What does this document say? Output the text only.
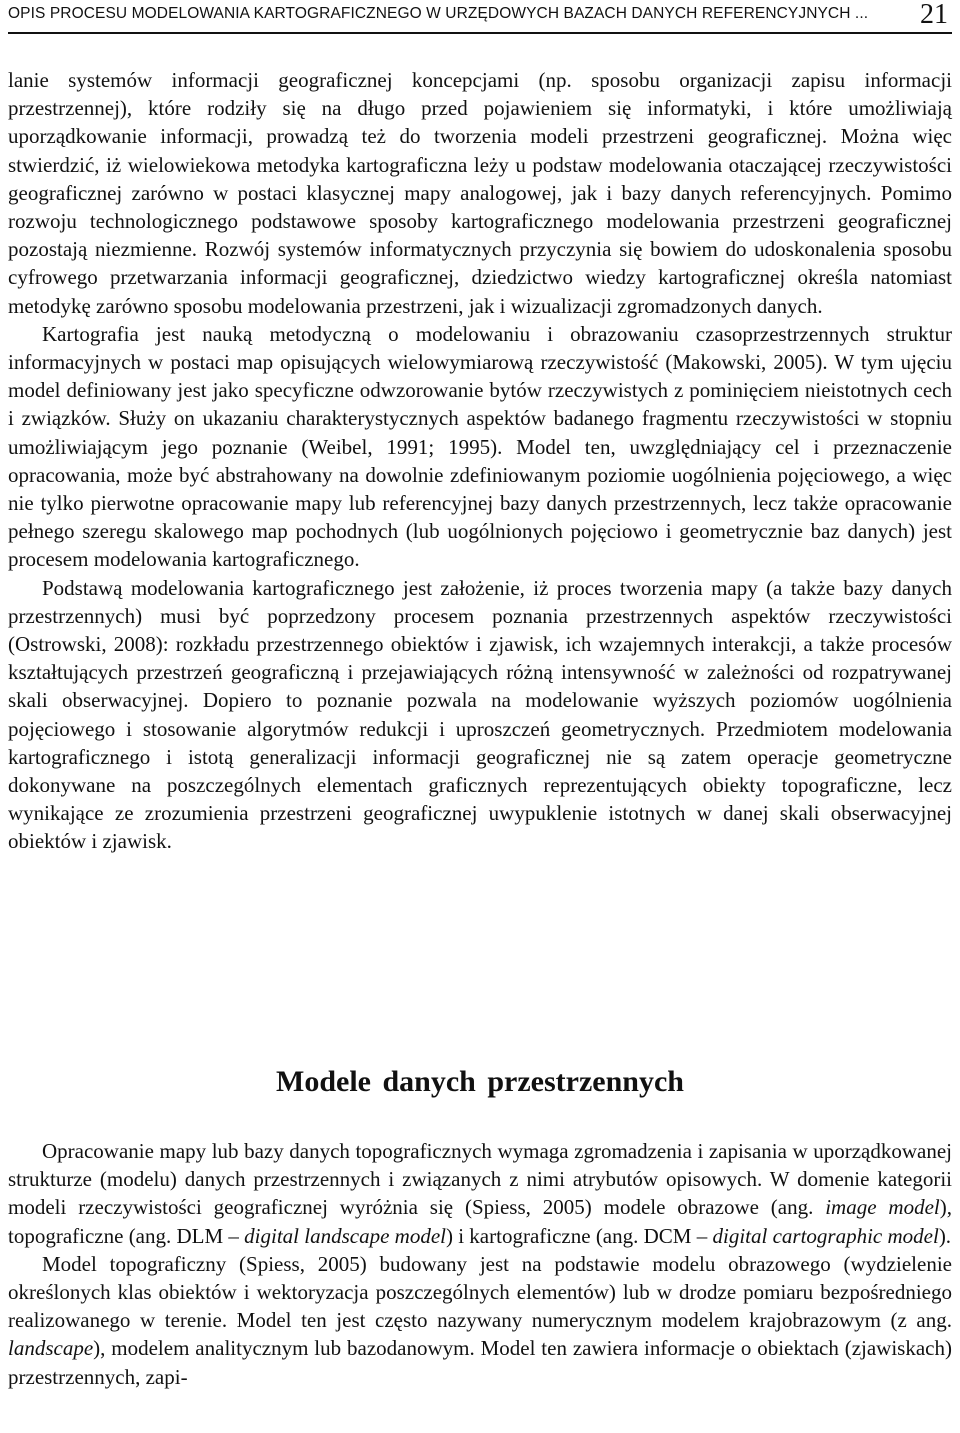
OPIS PROCESU MODELOWANIA KARTOGRAFICZNEGO W URZĘDOWYCH BAZACH DANYCH REFERENCYJNYCH ... 21

lanie systemów informacji geograficznej koncepcjami (np. sposobu organizacji zapisu informacji przestrzennej), które rodziły się na długo przed pojawieniem się informatyki, i które umożliwiają uporządkowanie informacji, prowadzą też do tworzenia modeli przestrzeni geograficznej. Można więc stwierdzić, iż wielowiekowa metodyka kartograficzna leży u podstaw modelowania otaczającej rzeczywistości geograficznej zarówno w postaci klasycznej mapy analogowej, jak i bazy danych referencyjnych. Pomimo rozwoju technologicznego podstawowe sposoby kartograficznego modelowania przestrzeni geograficznej pozostają niezmienne. Rozwój systemów informatycznych przyczynia się bowiem do udoskonalenia sposobu cyfrowego przetwarzania informacji geograficznej, dziedzictwo wiedzy kartograficznej określa natomiast metodykę zarówno sposobu modelowania przestrzeni, jak i wizualizacji zgromadzonych danych.

Kartografia jest nauką metodyczną o modelowaniu i obrazowaniu czasoprzestrzennych struktur informacyjnych w postaci map opisujących wielowymiarową rzeczywistość (Makowski, 2005). W tym ujęciu model definiowany jest jako specyficzne odwzorowanie bytów rzeczywistych z pominięciem nieistotnych cech i związków. Służy on ukazaniu charakterystycznych aspektów badanego fragmentu rzeczywistości w stopniu umożliwiającym jego poznanie (Weibel, 1991; 1995). Model ten, uwzględniający cel i przeznaczenie opracowania, może być abstrahowany na dowolnie zdefiniowanym poziomie uogólnienia pojęciowego, a więc nie tylko pierwotne opracowanie mapy lub referencyjnej bazy danych przestrzennych, lecz także opracowanie pełnego szeregu skalowego map pochodnych (lub uogólnionych pojęciowo i geometrycznie baz danych) jest procesem modelowania kartograficznego.

Podstawą modelowania kartograficznego jest założenie, iż proces tworzenia mapy (a także bazy danych przestrzennych) musi być poprzedzony procesem poznania przestrzennych aspektów rzeczywistości (Ostrowski, 2008): rozkładu przestrzennego obiektów i zjawisk, ich wzajemnych interakcji, a także procesów kształtujących przestrzeń geograficzną i przejawiających różną intensywność w zależności od rozpatrywanej skali obserwacyjnej. Dopiero to poznanie pozwala na modelowanie wyższych poziomów uogólnienia pojęciowego i stosowanie algorytmów redukcji i uproszczeń geometrycznych. Przedmiotem modelowania kartograficznego i istotą generalizacji informacji geograficznej nie są zatem operacje geometryczne dokonywane na poszczególnych elementach graficznych reprezentujących obiekty topograficzne, lecz wynikające ze zrozumienia przestrzeni geograficznej uwypuklenie istotnych w danej skali obserwacyjnej obiektów i zjawisk.

Modele danych przestrzennych

Opracowanie mapy lub bazy danych topograficznych wymaga zgromadzenia i zapisania w uporządkowanej strukturze (modelu) danych przestrzennych i związanych z nimi atrybutów opisowych. W domenie kategorii modeli rzeczywistości geograficznej wyróżnia się (Spiess, 2005) modele obrazowe (ang. image model), topograficzne (ang. DLM – digital landscape model) i kartograficzne (ang. DCM – digital cartographic model).

Model topograficzny (Spiess, 2005) budowany jest na podstawie modelu obrazowego (wydzielenie określonych klas obiektów i wektoryzacja poszczególnych elementów) lub w drodze pomiaru bezpośredniego realizowanego w terenie. Model ten jest często nazywany numerycznym modelem krajobrazowym (z ang. landscape), modelem analitycznym lub bazodanowym. Model ten zawiera informacje o obiektach (zjawiskach) przestrzennych, zapi-
